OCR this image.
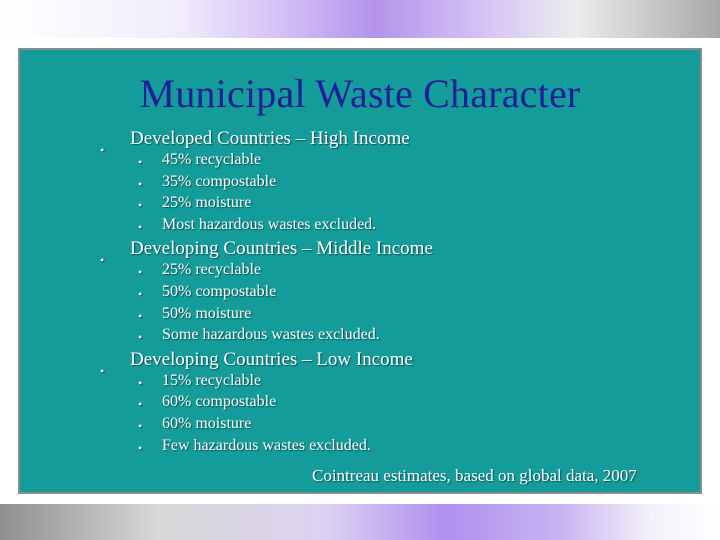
Municipal Waste Character
•
Developed Countries – High Income
• 45% recyclable
• 35% compostable
• 25% moisture
• Most hazardous wastes excluded.
•
Developing Countries – Middle Income
• 25% recyclable
• 50% compostable
• 50% moisture
• Some hazardous wastes excluded.
•
Developing Countries – Low Income
• 15% recyclable
• 60% compostable
• 60% moisture
• Few hazardous wastes excluded.
Cointreau estimates, based on global data, 2007
7
